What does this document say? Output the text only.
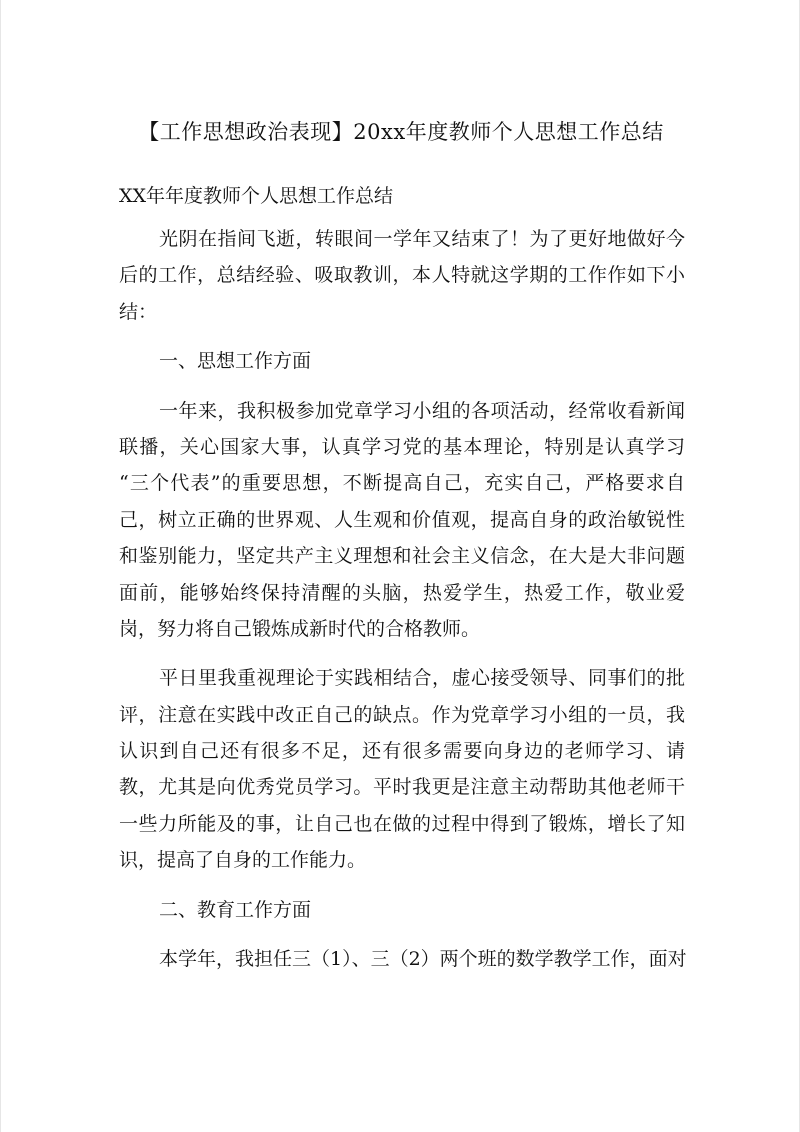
【工作思想政治表现】20xx年度教师个人思想工作总结
XX年年度教师个人思想工作总结
光阴在指间飞逝，转眼间一学年又结束了！为了更好地做好今
后的工作，总结经验、吸取教训，本人特就这学期的工作作如下小
结：
一、思想工作方面
一年来，我积极参加党章学习小组的各项活动，经常收看新闻
联播，关心国家大事，认真学习党的基本理论，特别是认真学习
“三个代表”的重要思想，不断提高自己，充实自己，严格要求自
己，树立正确的世界观、人生观和价值观，提高自身的政治敏锐性
和鉴别能力，坚定共产主义理想和社会主义信念，在大是大非问题
面前，能够始终保持清醒的头脑，热爱学生，热爱工作，敬业爱
岗，努力将自己锻炼成新时代的合格教师。
平日里我重视理论于实践相结合，虚心接受领导、同事们的批
评，注意在实践中改正自己的缺点。作为党章学习小组的一员，我
认识到自己还有很多不足，还有很多需要向身边的老师学习、请
教，尤其是向优秀党员学习。平时我更是注意主动帮助其他老师干
一些力所能及的事，让自己也在做的过程中得到了锻炼，增长了知
识，提高了自身的工作能力。
二、教育工作方面
本学年，我担任三（1）、三（2）两个班的数学教学工作，面对
